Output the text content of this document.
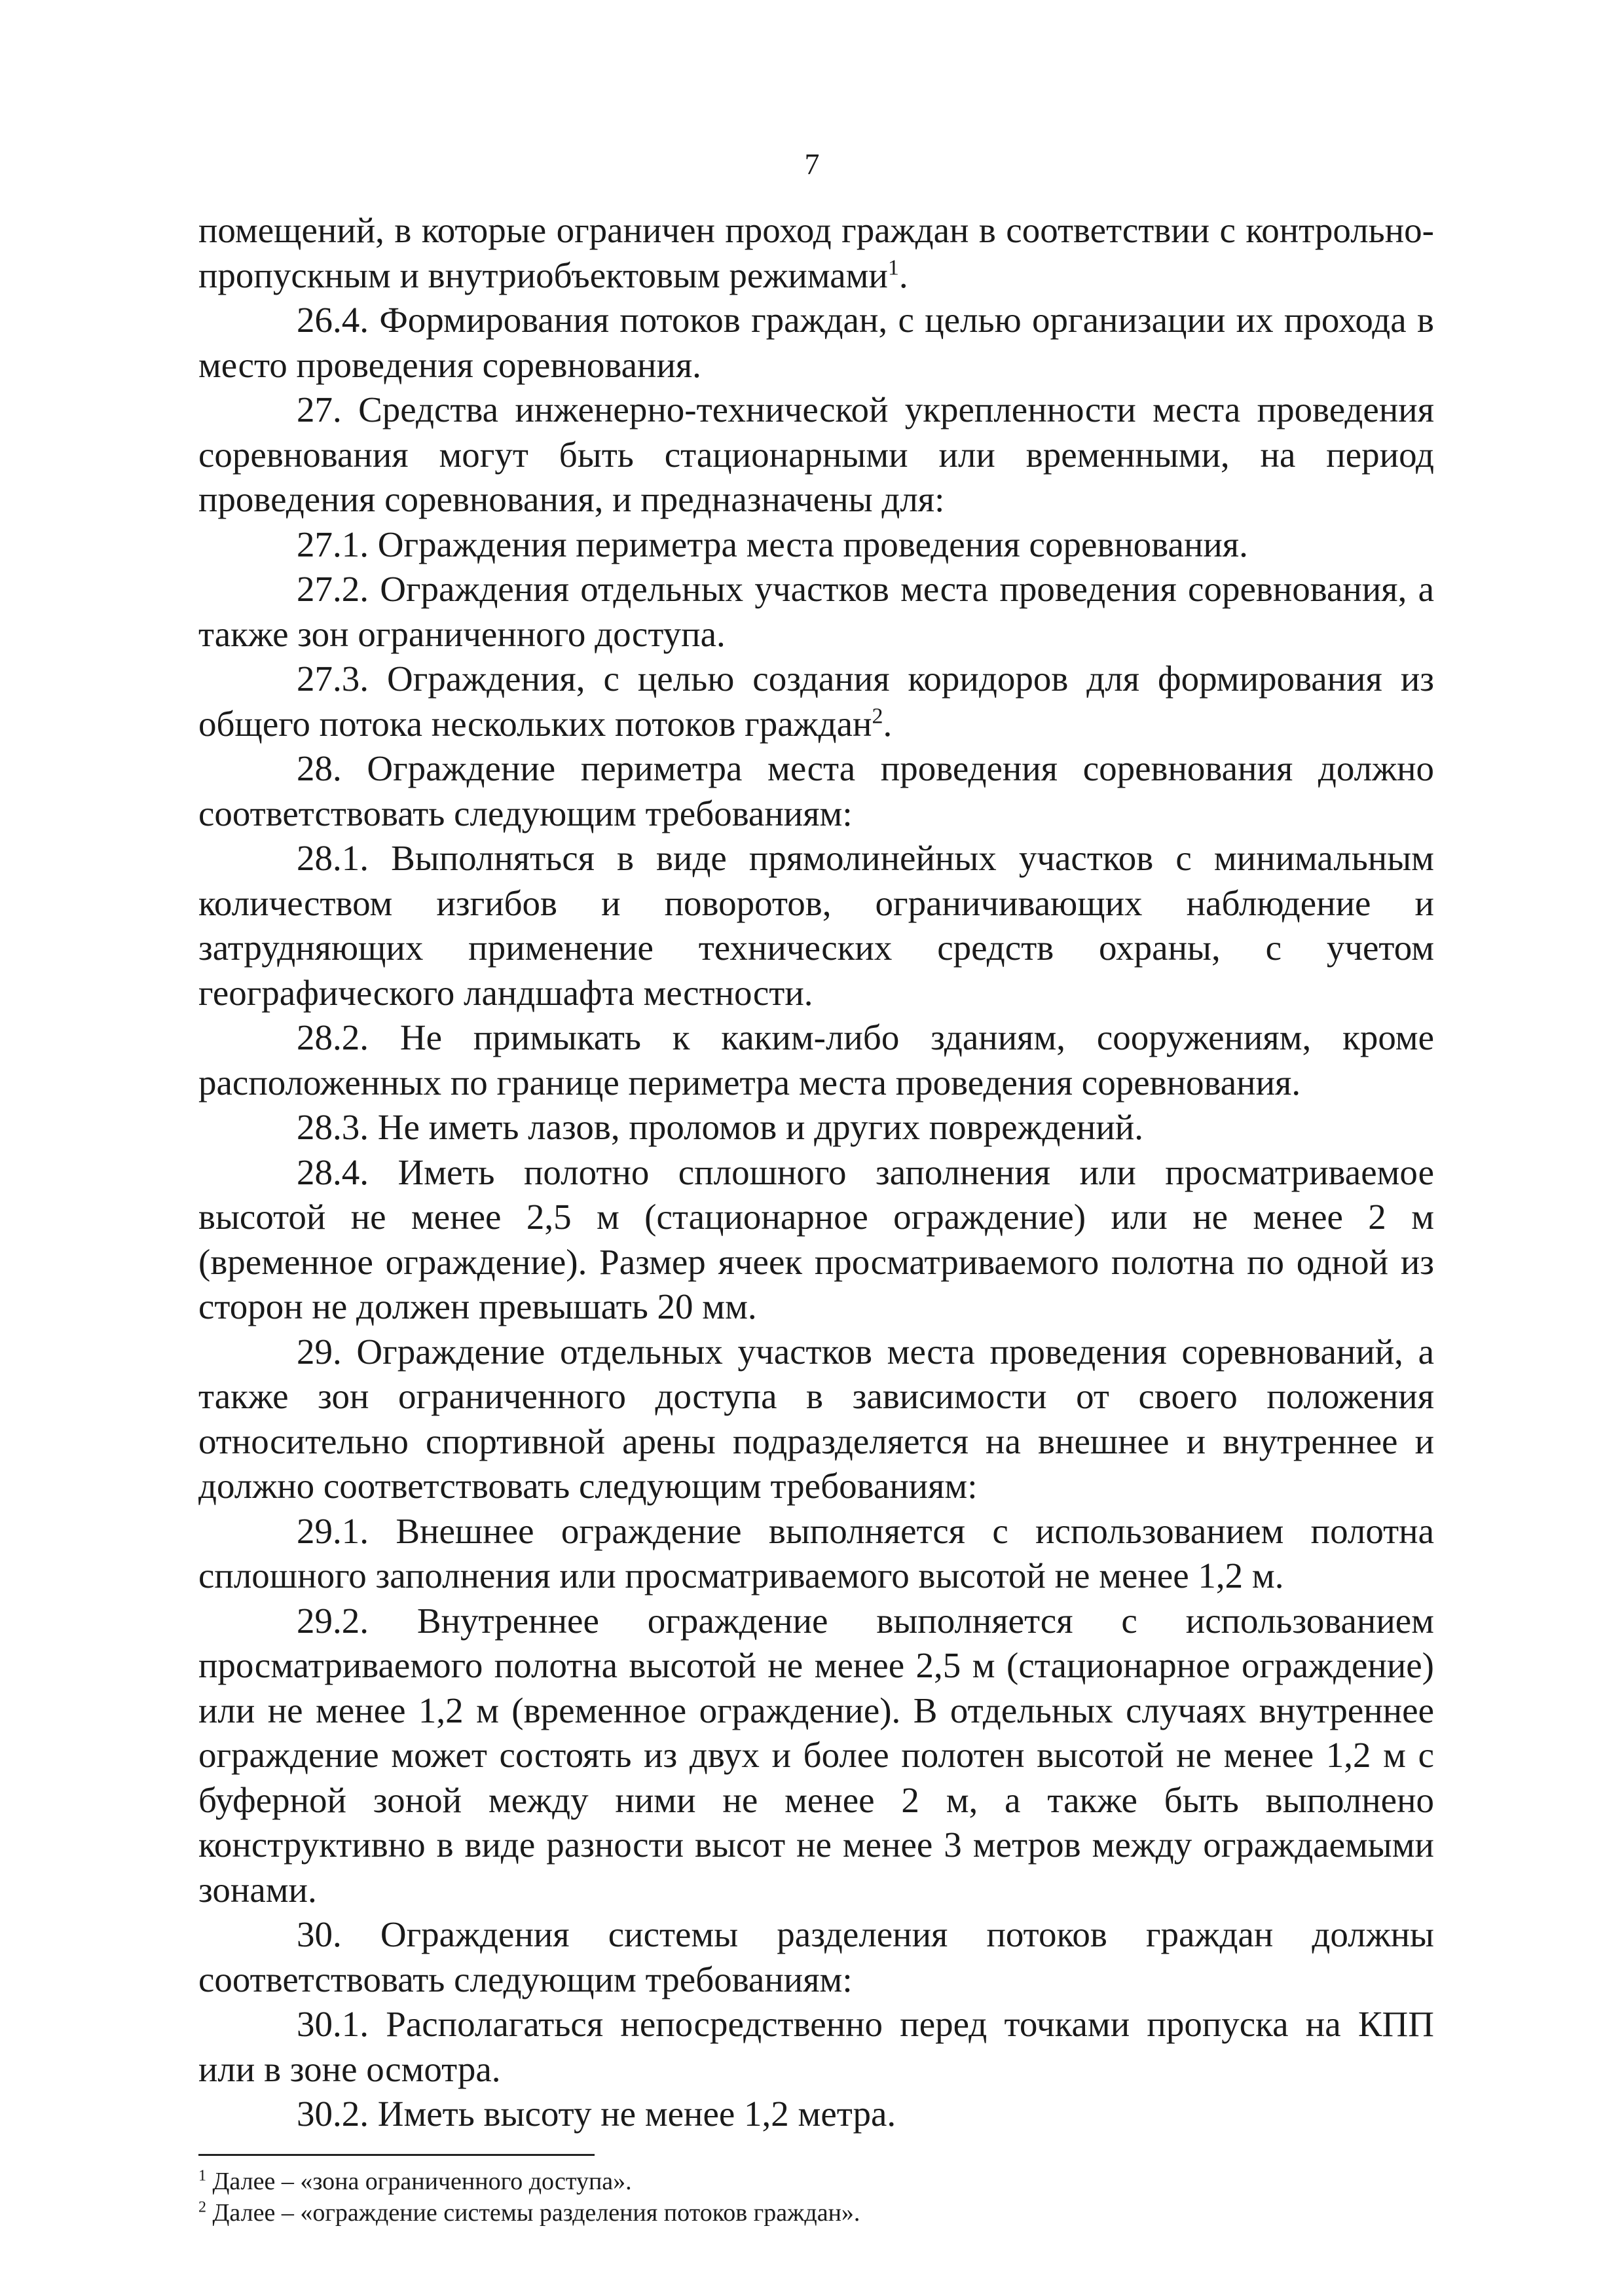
7

помещений, в которые ограничен проход граждан в соответствии с контрольно-пропускным и внутриобъектовым режимами$^1$.

26.4. Формирования потоков граждан, с целью организации их прохода в место проведения соревнования.

27. Средства инженерно-технической укрепленности места проведения соревнования могут быть стационарными или временными, на период проведения соревнования, и предназначены для:

27.1. Ограждения периметра места проведения соревнования.

27.2. Ограждения отдельных участков места проведения соревнования, а также зон ограниченного доступа.

27.3. Ограждения, с целью создания коридоров для формирования из общего потока нескольких потоков граждан$^2$.

28. Ограждение периметра места проведения соревнования должно соответствовать следующим требованиям:

28.1. Выполняться в виде прямолинейных участков с минимальным количеством изгибов и поворотов, ограничивающих наблюдение и затрудняющих применение технических средств охраны, с учетом географического ландшафта местности.

28.2. Не примыкать к каким-либо зданиям, сооружениям, кроме расположенных по границе периметра места проведения соревнования.

28.3. Не иметь лазов, проломов и других повреждений.

28.4. Иметь полотно сплошного заполнения или просматриваемое высотой не менее 2,5 м (стационарное ограждение) или не менее 2 м (временное ограждение). Размер ячеек просматриваемого полотна по одной из сторон не должен превышать 20 мм.

29. Ограждение отдельных участков места проведения соревнований, а также зон ограниченного доступа в зависимости от своего положения относительно спортивной арены подразделяется на внешнее и внутреннее и должно соответствовать следующим требованиям:

29.1. Внешнее ограждение выполняется с использованием полотна сплошного заполнения или просматриваемого высотой не менее 1,2 м.

29.2. Внутреннее ограждение выполняется с использованием просматриваемого полотна высотой не менее 2,5 м (стационарное ограждение) или не менее 1,2 м (временное ограждение). В отдельных случаях внутреннее ограждение может состоять из двух и более полотен высотой не менее 1,2 м с буферной зоной между ними не менее 2 м, а также быть выполнено конструктивно в виде разности высот не менее 3 метров между ограждаемыми зонами.

30. Ограждения системы разделения потоков граждан должны соответствовать следующим требованиям:

30.1. Располагаться непосредственно перед точками пропуска на КПП или в зоне осмотра.

30.2. Иметь высоту не менее 1,2 метра.

$^1$ Далее – «зона ограниченного доступа».

$^2$ Далее – «ограждение системы разделения потоков граждан».
